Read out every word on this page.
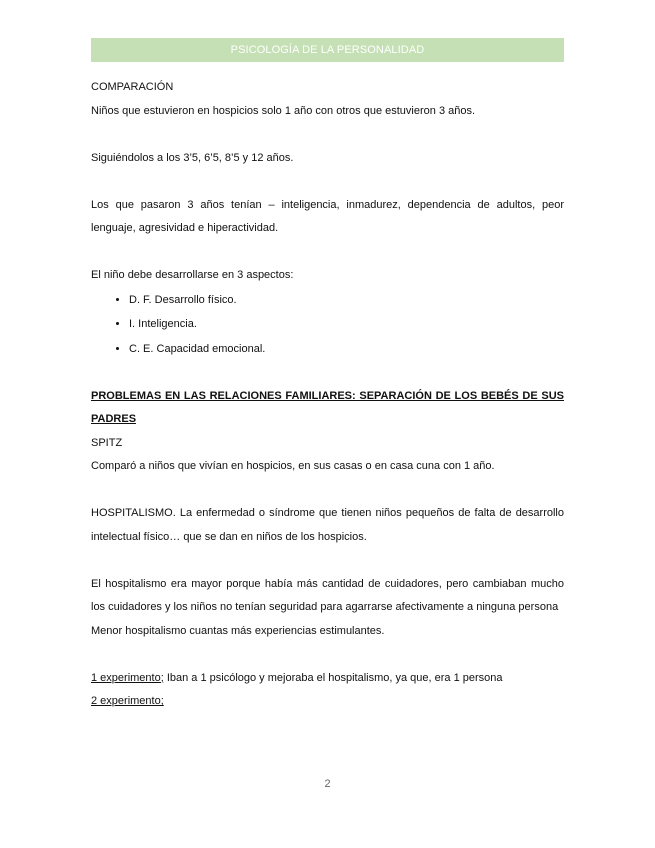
PSICOLOGÍA DE LA PERSONALIDAD

COMPARACIÓN

Niños que estuvieron en hospicios solo 1 año con otros que estuvieron 3 años.

Siguiéndolos a los 3’5, 6’5, 8’5 y 12 años.

Los que pasaron 3 años tenían – inteligencia, inmadurez, dependencia de adultos, peor lenguaje, agresividad e hiperactividad.

El niño debe desarrollarse en 3 aspectos:

• D. F. Desarrollo físico.
• I. Inteligencia.
• C. E. Capacidad emocional.

PROBLEMAS EN LAS RELACIONES FAMILIARES: SEPARACIÓN DE LOS BEBÉS DE SUS PADRES

SPITZ

Comparó a niños que vivían en hospicios, en sus casas o en casa cuna con 1 año.

HOSPITALISMO. La enfermedad o síndrome que tienen niños pequeños de falta de desarrollo intelectual físico… que se dan en niños de los hospicios.

El hospitalismo era mayor porque había más cantidad de cuidadores, pero cambiaban mucho los cuidadores y los niños no tenían seguridad para agarrarse afectivamente a ninguna persona

Menor hospitalismo cuantas más experiencias estimulantes.

1 experimento; Iban a 1 psicólogo y mejoraba el hospitalismo, ya que, era 1 persona

2 experimento;

2
